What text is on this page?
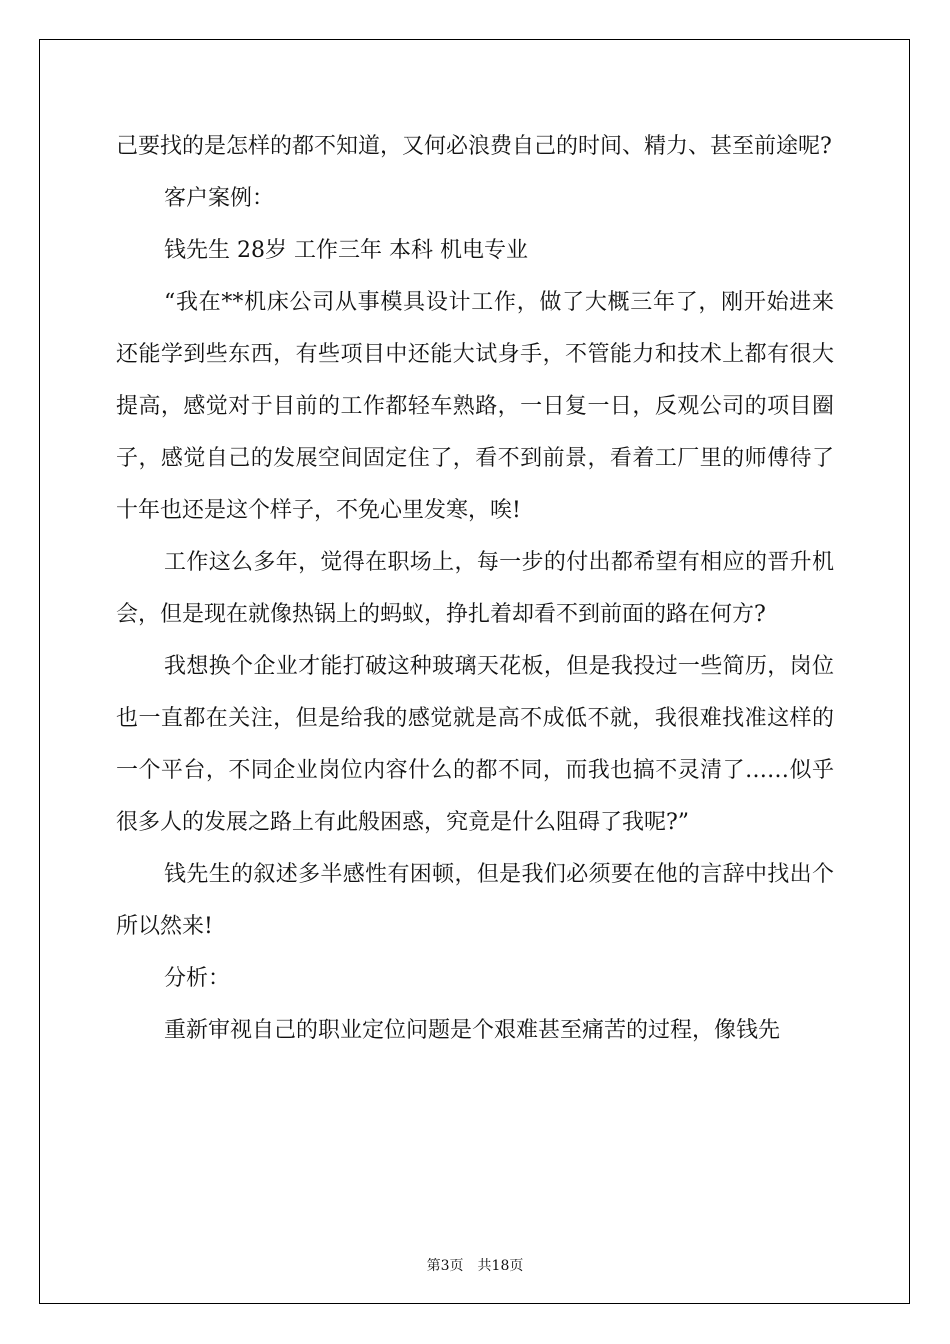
己要找的是怎样的都不知道，又何必浪费自己的时间、精力、甚至前途呢?

客户案例：

钱先生 28岁 工作三年 本科 机电专业

“我在**机床公司从事模具设计工作，做了大概三年了，刚开始进来还能学到些东西，有些项目中还能大试身手，不管能力和技术上都有很大提高，感觉对于目前的工作都轻车熟路，一日复一日，反观公司的项目圈子，感觉自己的发展空间固定住了，看不到前景，看着工厂里的师傅待了十年也还是这个样子，不免心里发寒，唉!

工作这么多年，觉得在职场上，每一步的付出都希望有相应的晋升机会，但是现在就像热锅上的蚂蚁，挣扎着却看不到前面的路在何方?

我想换个企业才能打破这种玻璃天花板，但是我投过一些简历，岗位也一直都在关注，但是给我的感觉就是高不成低不就，我很难找准这样的一个平台，不同企业岗位内容什么的都不同，而我也搞不灵清了……似乎很多人的发展之路上有此般困惑，究竟是什么阻碍了我呢?”

钱先生的叙述多半感性有困顿，但是我们必须要在他的言辞中找出个所以然来!

分析：

重新审视自己的职业定位问题是个艰难甚至痛苦的过程，像钱先

第3页 共18页
